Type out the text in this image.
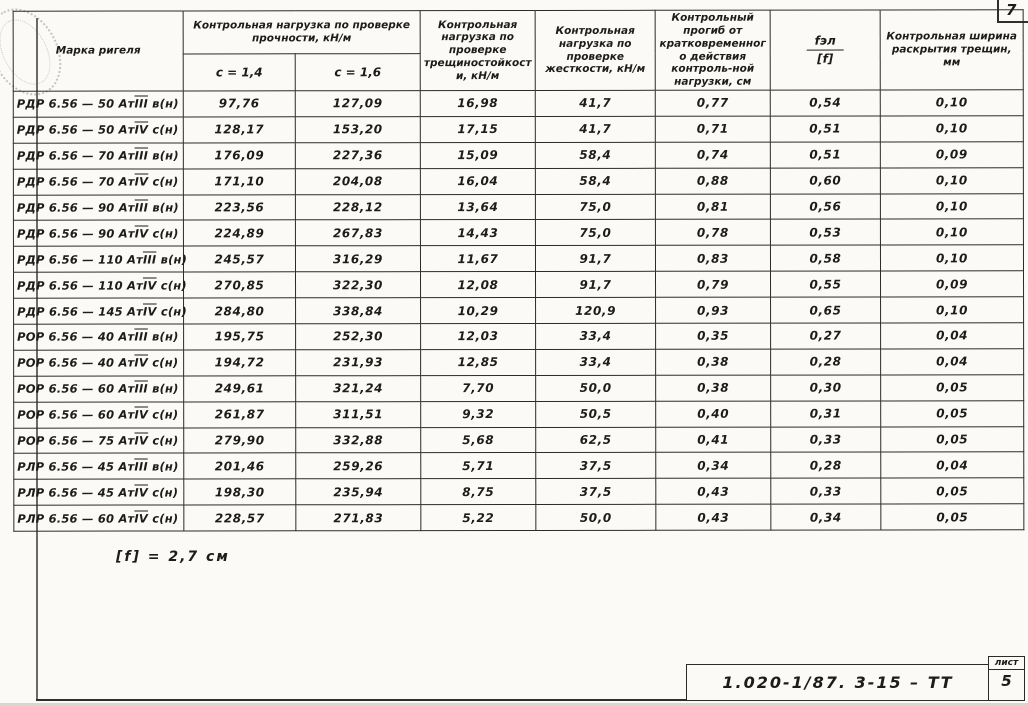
7
Марка ригеля	Контрольная нагрузка по проверке прочности, кН/м		Контрольная нагрузка по проверке трещиностойкости, кН/м	Контрольная нагрузка по проверке жесткости, кН/м	Контрольный прогиб от кратковременного действия контроль-ной нагрузки, см	$\frac{\text{fэл}}{[f]}$	Контрольная ширина раскрытия трещин, мм
	с = 1,4	с = 1,6					
РДР 6.56 — 50 $Ат\overline{III}$ в(н)	97,76	127,09	16,98	41,7	0,77	0,54	0,10
РДР 6.56 — 50 $Ат\overline{IV}$ с(н)	128,17	153,20	17,15	41,7	0,71	0,51	0,10
РДР 6.56 — 70 $Ат\overline{III}$ в(н)	176,09	227,36	15,09	58,4	0,74	0,51	0,09
РДР 6.56 — 70 $Ат\overline{IV}$ с(н)	171,10	204,08	16,04	58,4	0,88	0,60	0,10
РДР 6.56 — 90 $Ат\overline{III}$ в(н)	223,56	228,12	13,64	75,0	0,81	0,56	0,10
РДР 6.56 — 90 $Ат\overline{IV}$ с(н)	224,89	267,83	14,43	75,0	0,78	0,53	0,10
РДР 6.56 — 110 $Ат\overline{III}$ в(н)	245,57	316,29	11,67	91,7	0,83	0,58	0,10
РДР 6.56 — 110 $Ат\overline{IV}$ с(н)	270,85	322,30	12,08	91,7	0,79	0,55	0,09
РДР 6.56 — 145 $Ат\overline{IV}$ с(н)	284,80	338,84	10,29	120,9	0,93	0,65	0,10
РОР 6.56 — 40 $Ат\overline{III}$ в(н)	195,75	252,30	12,03	33,4	0,35	0,27	0,04
РОР 6.56 — 40 $Ат\overline{IV}$ с(н)	194,72	231,93	12,85	33,4	0,38	0,28	0,04
РОР 6.56 — 60 $Ат\overline{III}$ в(н)	249,61	321,24	7,70	50,0	0,38	0,30	0,05
РОР 6.56 — 60 $Ат\overline{IV}$ с(н)	261,87	311,51	9,32	50,5	0,40	0,31	0,05
РОР 6.56 — 75 $Ат\overline{IV}$ с(н)	279,90	332,88	5,68	62,5	0,41	0,33	0,05
РЛР 6.56 — 45 $Ат\overline{III}$ в(н)	201,46	259,26	5,71	37,5	0,34	0,28	0,04
РЛР 6.56 — 45 $Ат\overline{IV}$ с(н)	198,30	235,94	8,75	37,5	0,43	0,33	0,05
РЛР 6.56 — 60 $Ат\overline{IV}$ с(н)	228,57	271,83	5,22	50,0	0,43	0,34	0,05
[f] = 2,7 см
1.020-1/87. 3-15 – ТТ
лист
5
